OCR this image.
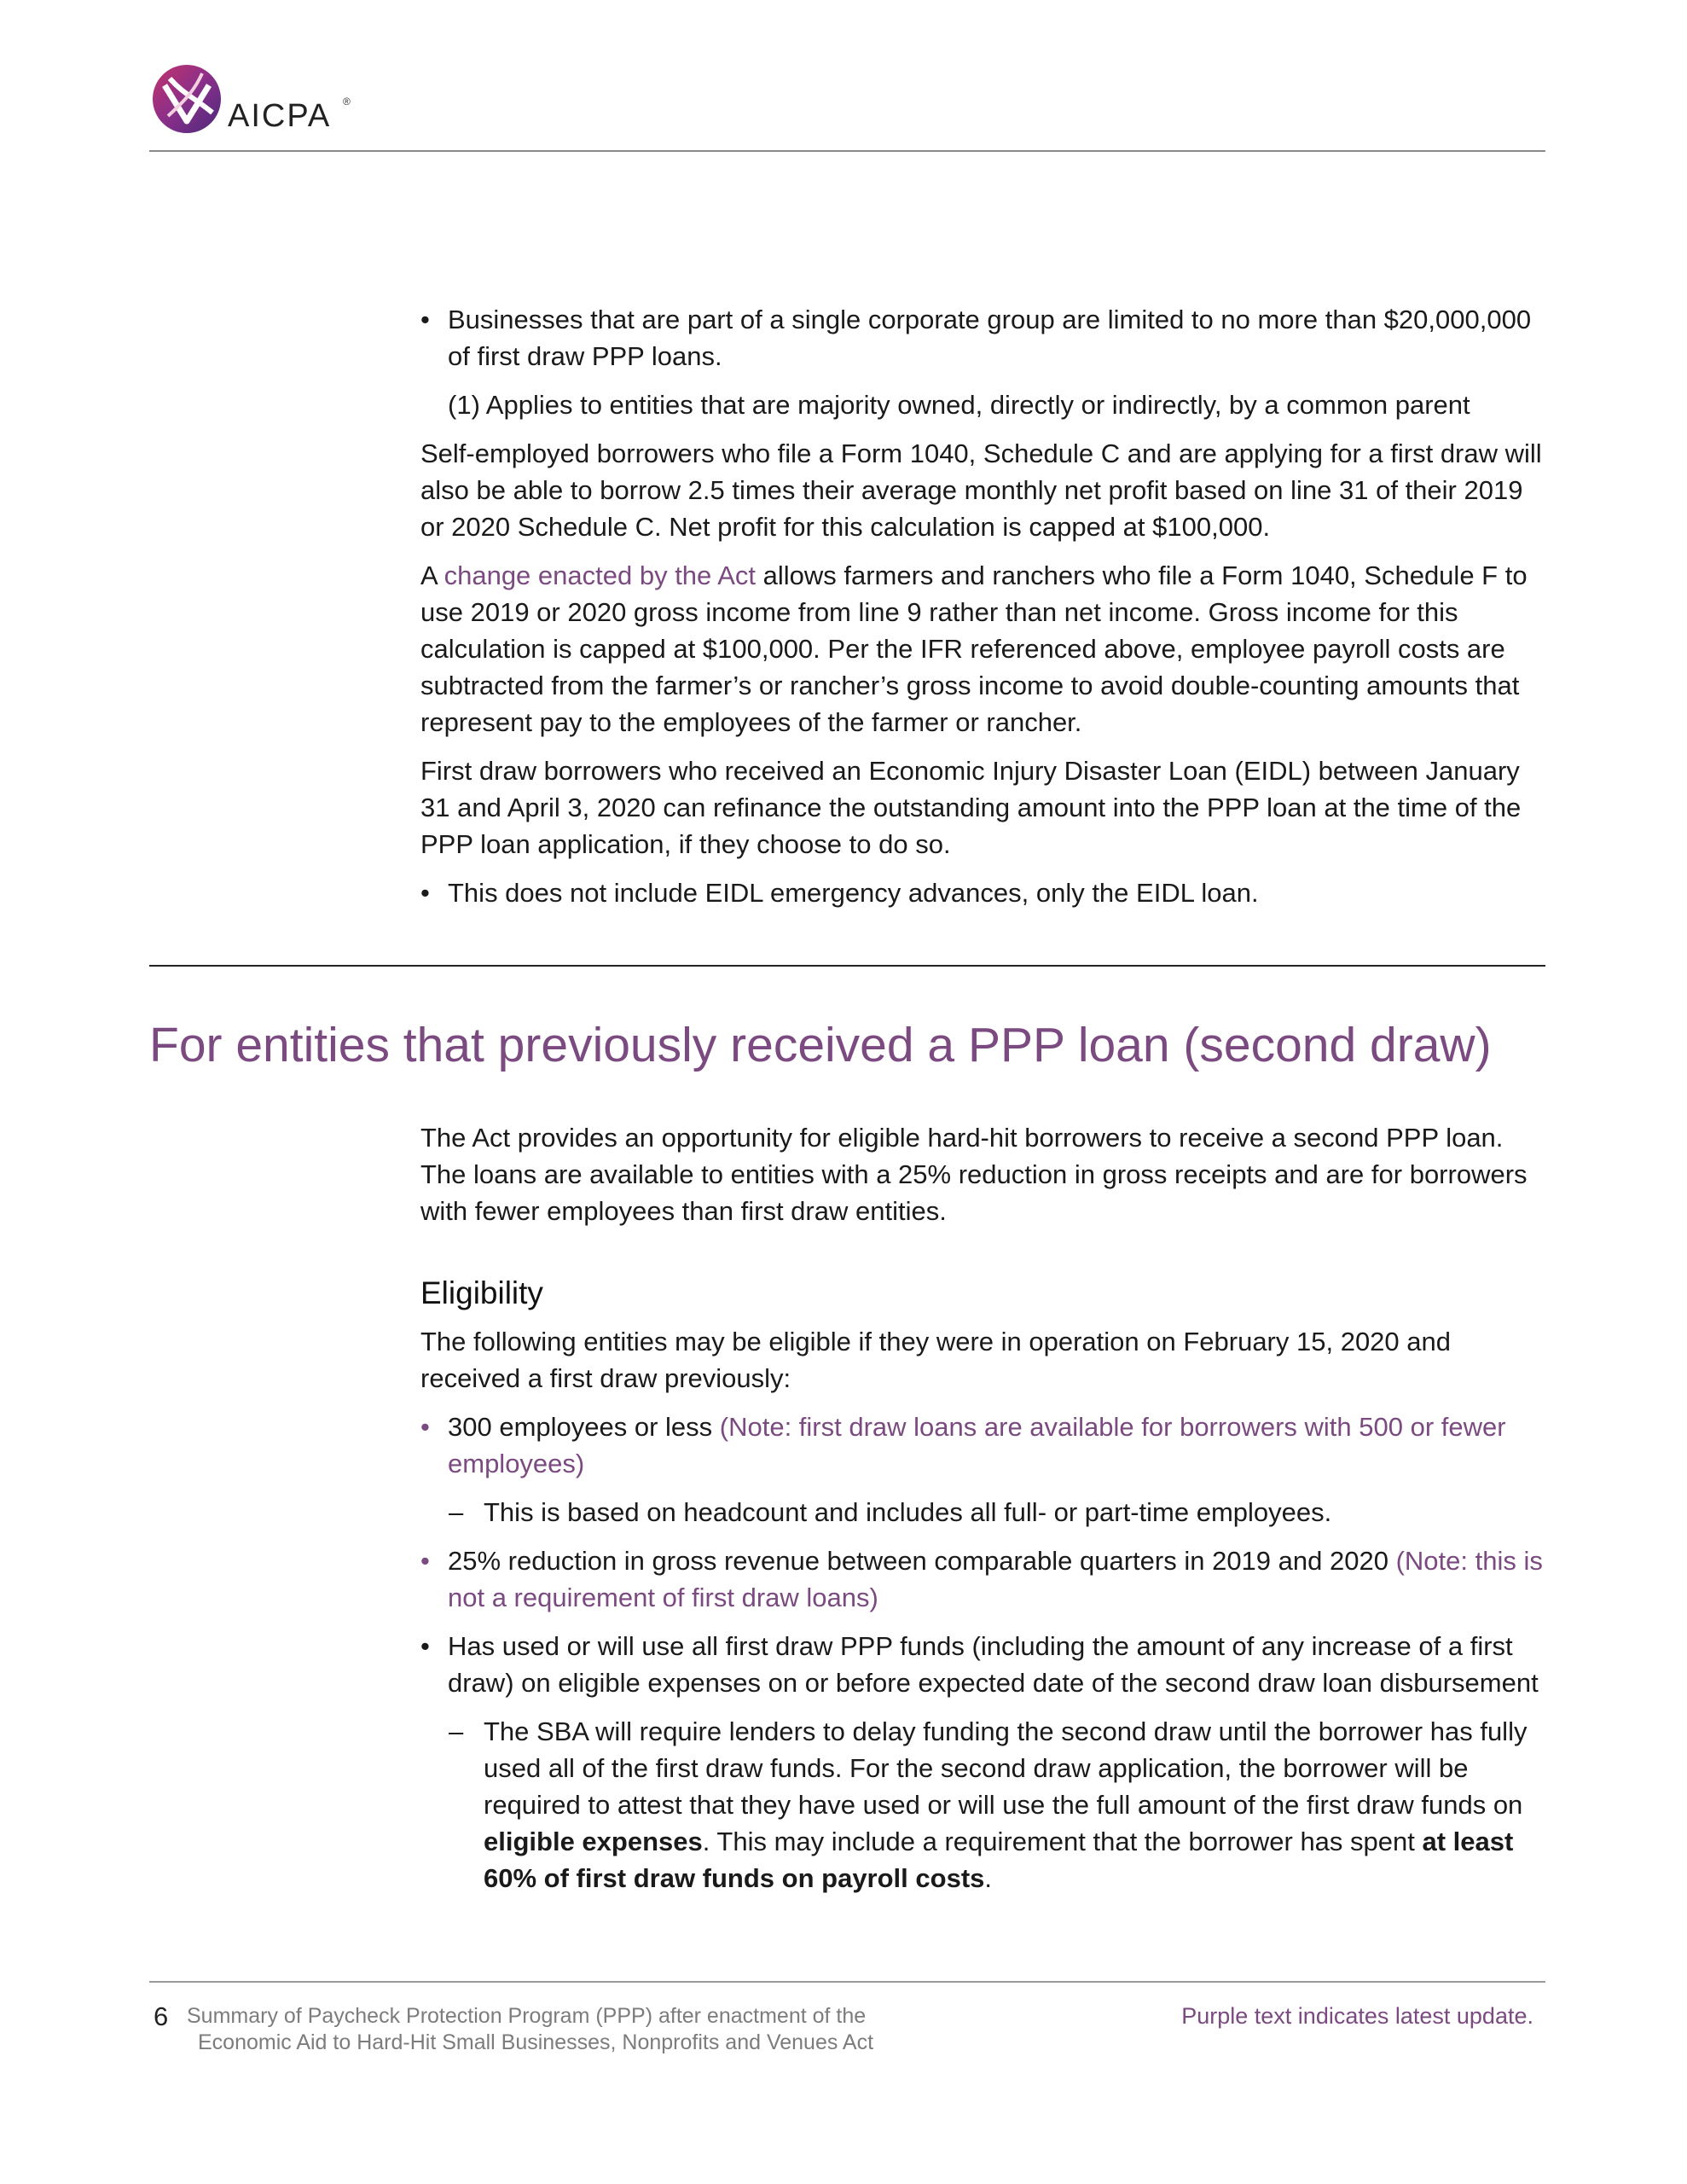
AICPA ®
• Businesses that are part of a single corporate group are limited to no more than $20,000,000 of first draw PPP loans.

(1) Applies to entities that are majority owned, directly or indirectly, by a common parent

Self-employed borrowers who file a Form 1040, Schedule C and are applying for a first draw will also be able to borrow 2.5 times their average monthly net profit based on line 31 of their 2019 or 2020 Schedule C. Net profit for this calculation is capped at $100,000.

A change enacted by the Act allows farmers and ranchers who file a Form 1040, Schedule F to use 2019 or 2020 gross income from line 9 rather than net income. Gross income for this calculation is capped at $100,000. Per the IFR referenced above, employee payroll costs are subtracted from the farmer’s or rancher’s gross income to avoid double-counting amounts that represent pay to the employees of the farmer or rancher.

First draw borrowers who received an Economic Injury Disaster Loan (EIDL) between January 31 and April 3, 2020 can refinance the outstanding amount into the PPP loan at the time of the PPP loan application, if they choose to do so.

• This does not include EIDL emergency advances, only the EIDL loan.
For entities that previously received a PPP loan (second draw)

The Act provides an opportunity for eligible hard-hit borrowers to receive a second PPP loan. The loans are available to entities with a 25% reduction in gross receipts and are for borrowers with fewer employees than first draw entities.

Eligibility

The following entities may be eligible if they were in operation on February 15, 2020 and received a first draw previously:

• 300 employees or less (Note: first draw loans are available for borrowers with 500 or fewer employees)
– This is based on headcount and includes all full- or part-time employees.
• 25% reduction in gross revenue between comparable quarters in 2019 and 2020 (Note: this is not a requirement of first draw loans)
• Has used or will use all first draw PPP funds (including the amount of any increase of a first draw) on eligible expenses on or before expected date of the second draw loan disbursement
– The SBA will require lenders to delay funding the second draw until the borrower has fully used all of the first draw funds. For the second draw application, the borrower will be required to attest that they have used or will use the full amount of the first draw funds on eligible expenses. This may include a requirement that the borrower has spent at least 60% of first draw funds on payroll costs.
6 Summary of Paycheck Protection Program (PPP) after enactment of the
Economic Aid to Hard-Hit Small Businesses, Nonprofits and Venues Act
Purple text indicates latest update.
